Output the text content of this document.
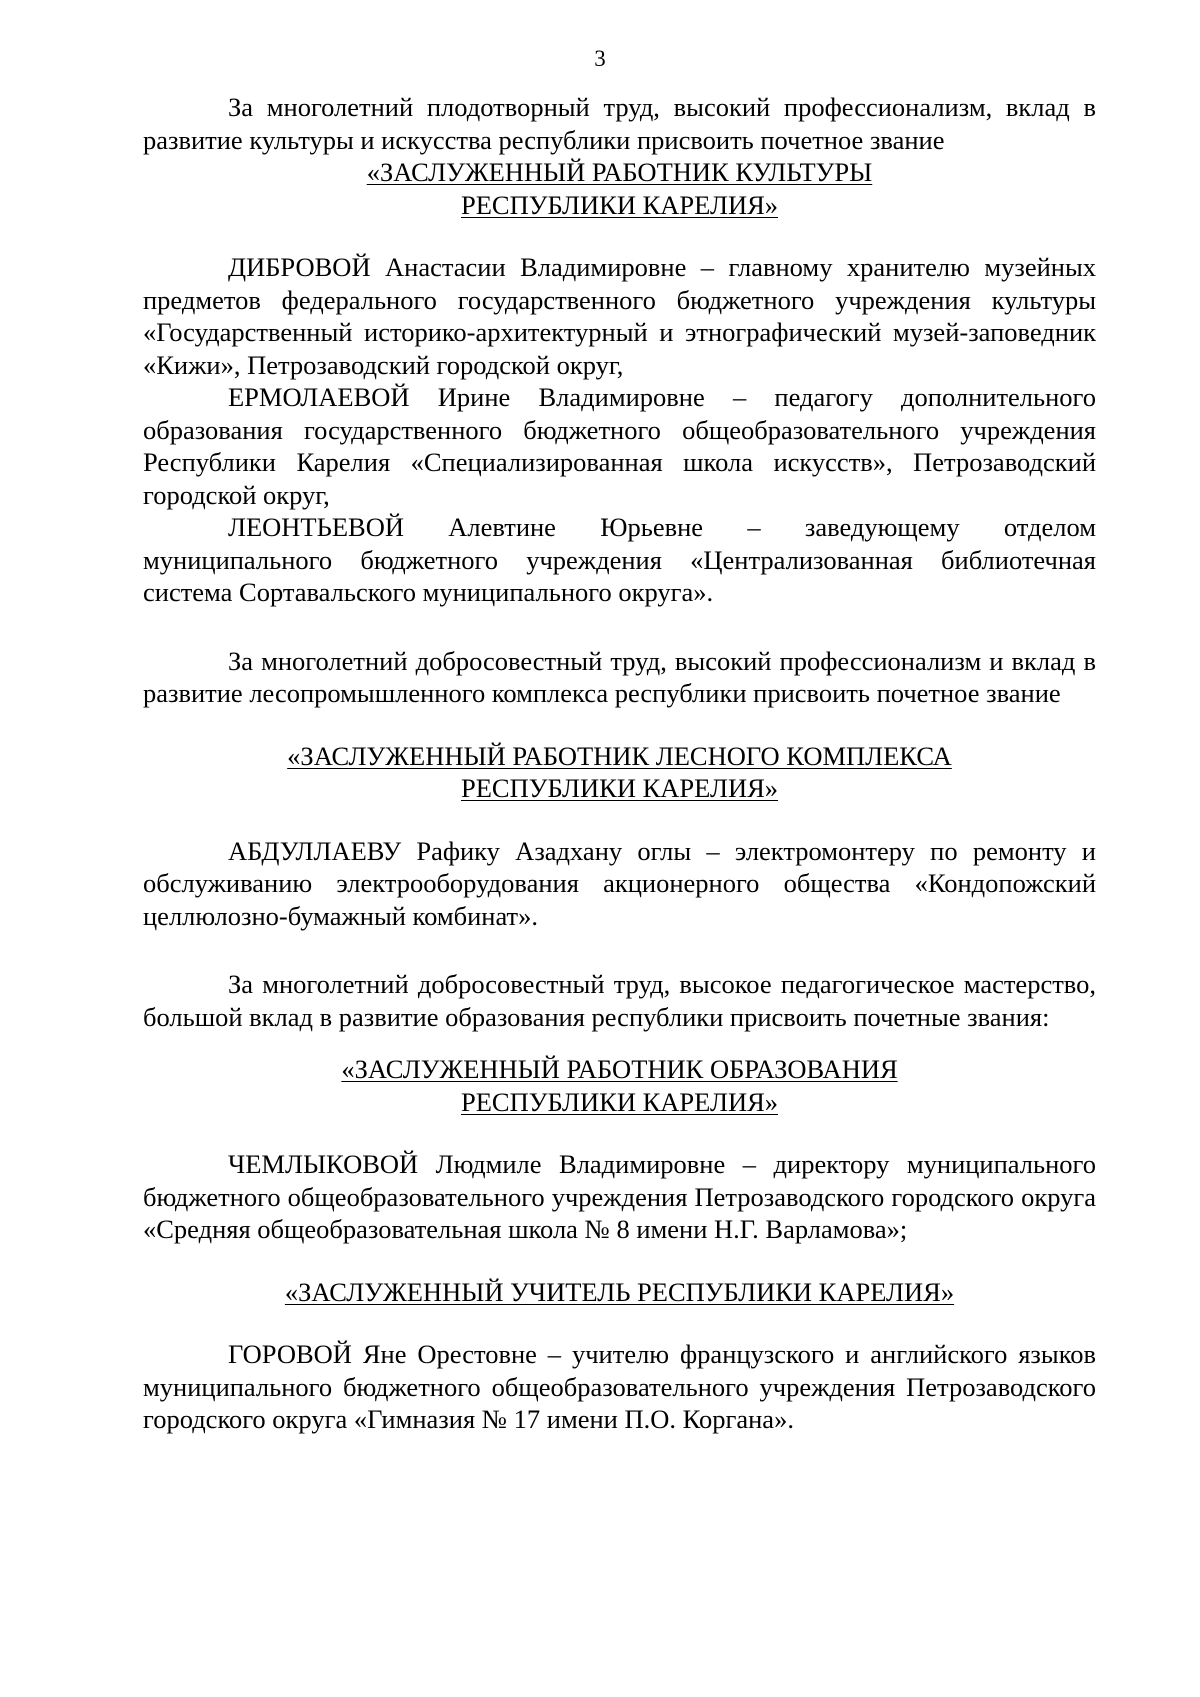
3

За многолетний плодотворный труд, высокий профессионализм, вклад в развитие культуры и искусства республики присвоить почетное звание

«ЗАСЛУЖЕННЫЙ РАБОТНИК КУЛЬТУРЫ
РЕСПУБЛИКИ КАРЕЛИЯ»

ДИБРОВОЙ Анастасии Владимировне – главному хранителю музейных предметов федерального государственного бюджетного учреждения культуры «Государственный историко-архитектурный и этнографический музей-заповедник «Кижи», Петрозаводский городской округ,

ЕРМОЛАЕВОЙ Ирине Владимировне – педагогу дополнительного образования государственного бюджетного общеобразовательного учреждения Республики Карелия «Специализированная школа искусств», Петрозаводский городской округ,

ЛЕОНТЬЕВОЙ Алевтине Юрьевне – заведующему отделом муниципального бюджетного учреждения «Централизованная библиотечная система Сортавальского муниципального округа».

За многолетний добросовестный труд, высокий профессионализм и вклад в развитие лесопромышленного комплекса республики присвоить почетное звание

«ЗАСЛУЖЕННЫЙ РАБОТНИК ЛЕСНОГО КОМПЛЕКСА
РЕСПУБЛИКИ КАРЕЛИЯ»

АБДУЛЛАЕВУ Рафику Азадхану оглы – электромонтеру по ремонту и обслуживанию электрооборудования акционерного общества «Кондопожский целлюлозно-бумажный комбинат».

За многолетний добросовестный труд, высокое педагогическое мастерство, большой вклад в развитие образования республики присвоить почетные звания:

«ЗАСЛУЖЕННЫЙ РАБОТНИК ОБРАЗОВАНИЯ
РЕСПУБЛИКИ КАРЕЛИЯ»

ЧЕМЛЫКОВОЙ Людмиле Владимировне – директору муниципального бюджетного общеобразовательного учреждения Петрозаводского городского округа «Средняя общеобразовательная школа № 8 имени Н.Г. Варламова»;

«ЗАСЛУЖЕННЫЙ УЧИТЕЛЬ РЕСПУБЛИКИ КАРЕЛИЯ»

ГОРОВОЙ Яне Орестовне – учителю французского и английского языков муниципального бюджетного общеобразовательного учреждения Петрозаводского городского округа «Гимназия № 17 имени П.О. Коргана».
